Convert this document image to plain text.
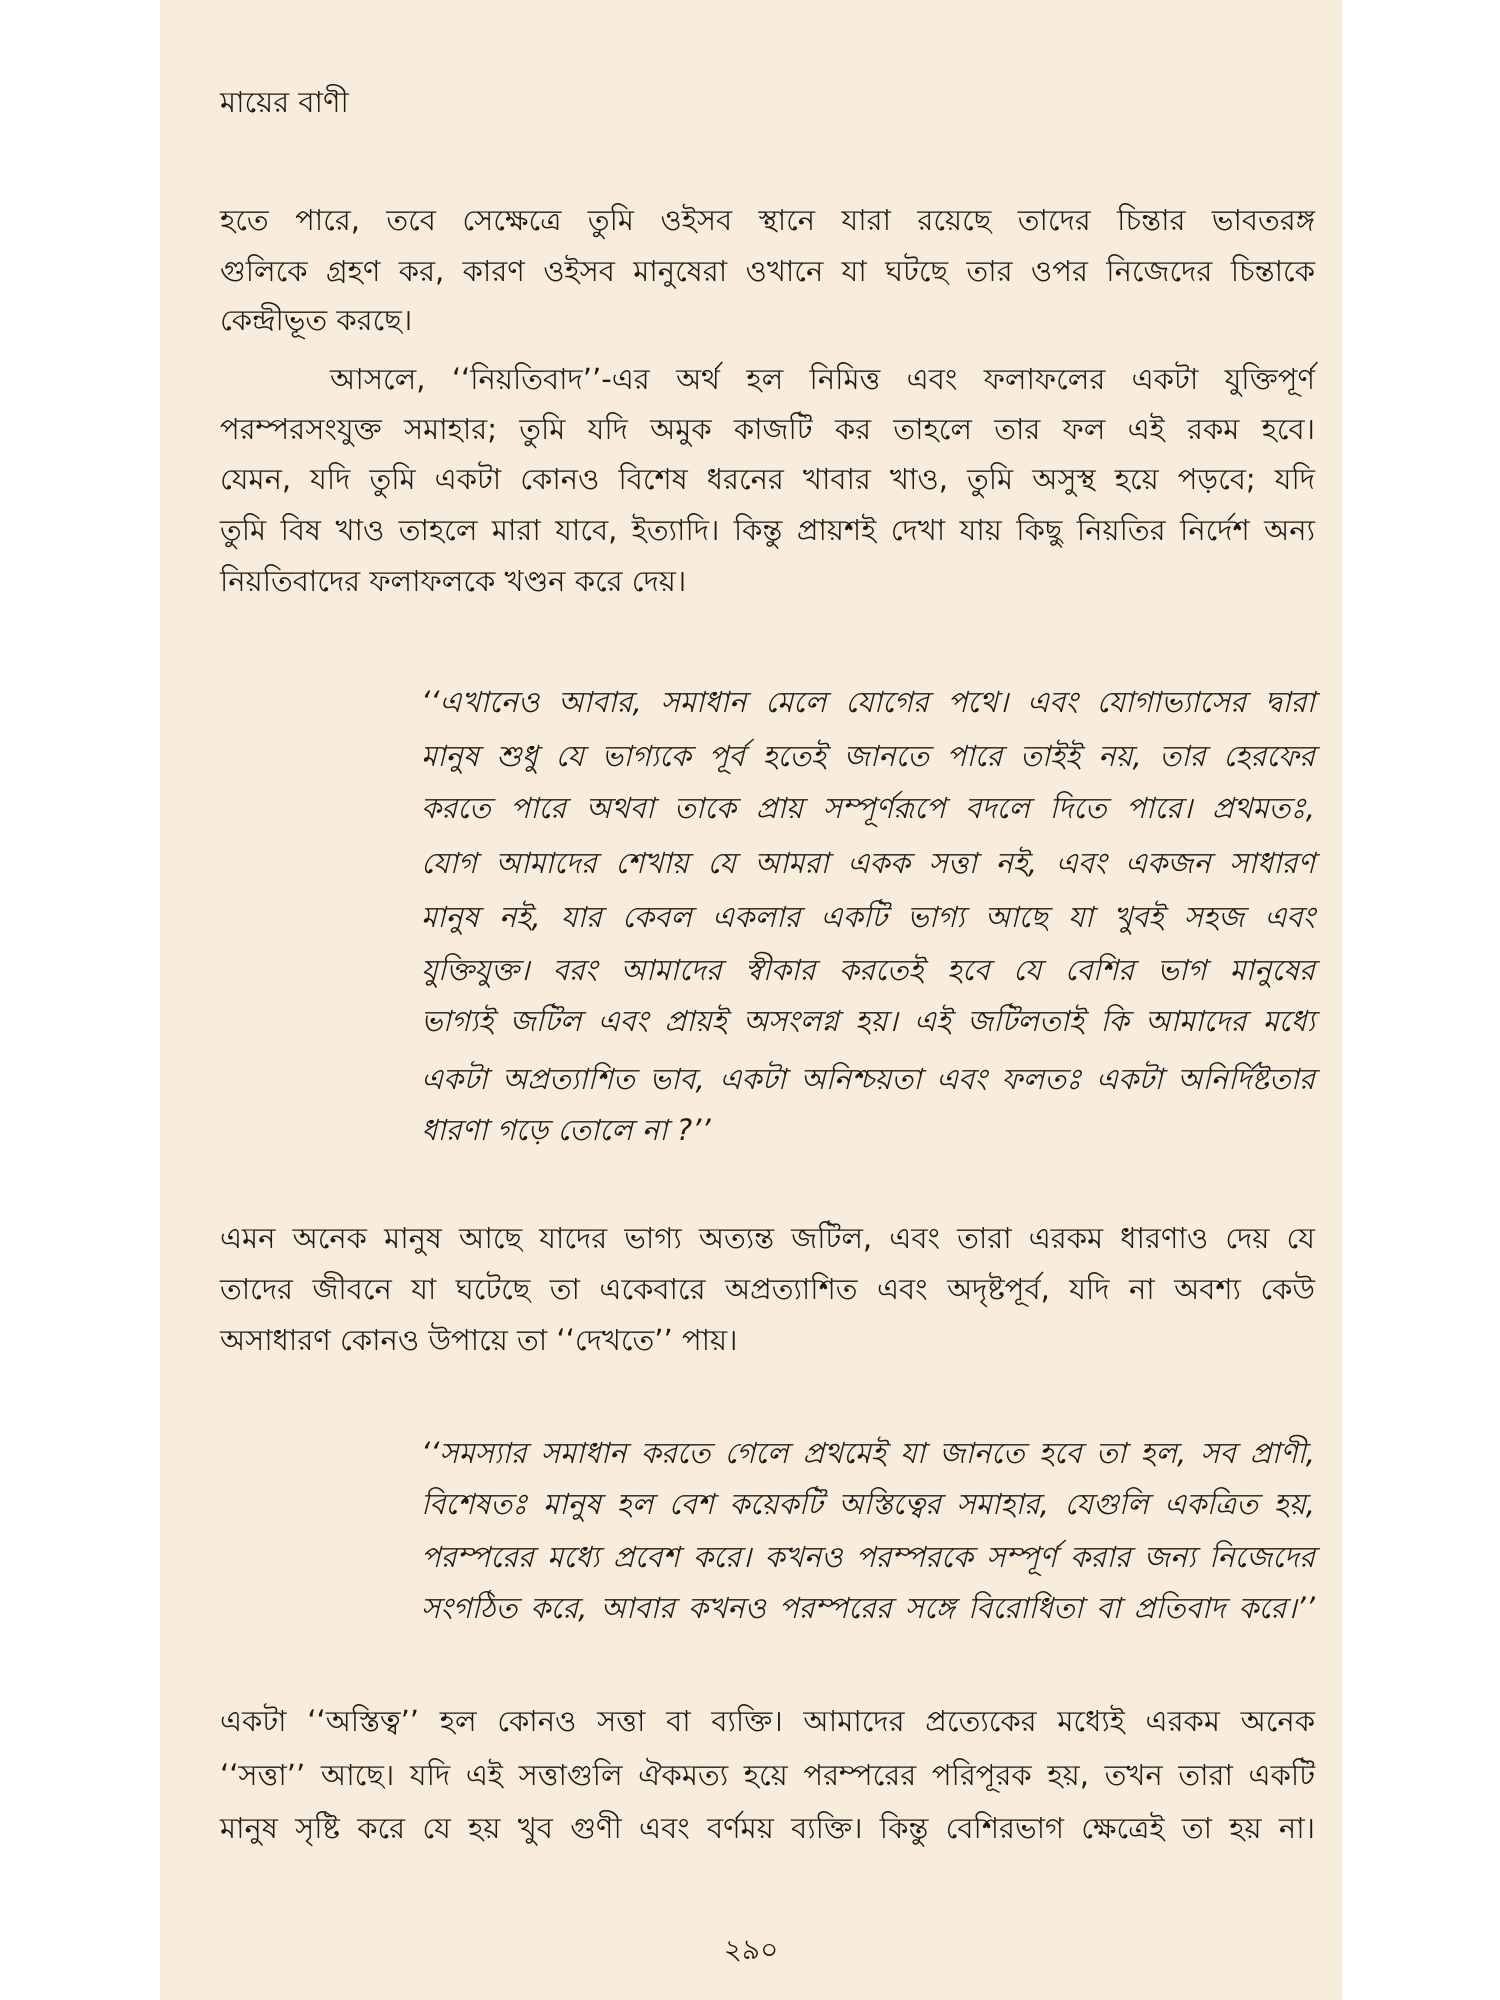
মায়ের বাণী
হতে পারে, তবে সেক্ষেত্রে তুমি ওইসব স্থানে যারা রয়েছে তাদের চিন্তার ভাবতরঙ্গ
গুলিকে গ্রহণ কর, কারণ ওইসব মানুষেরা ওখানে যা ঘটছে তার ওপর নিজেদের চিন্তাকে
কেন্দ্রীভূত করছে।
আসলে, ‘‘নিয়তিবাদ’’-এর অর্থ হল নিমিত্ত এবং ফলাফলের একটা যুক্তিপূর্ণ
পরম্পরসংযুক্ত সমাহার; তুমি যদি অমুক কাজটি কর তাহলে তার ফল এই রকম হবে।
যেমন, যদি তুমি একটা কোনও বিশেষ ধরনের খাবার খাও, তুমি অসুস্থ হয়ে পড়বে; যদি
তুমি বিষ খাও তাহলে মারা যাবে, ইত্যাদি। কিন্তু প্রায়শই দেখা যায় কিছু নিয়তির নির্দেশ অন্য
নিয়তিবাদের ফলাফলকে খণ্ডন করে দেয়।
‘‘এখানেও আবার, সমাধান মেলে যোগের পথে। এবং যোগাভ্যাসের দ্বারা
মানুষ শুধু যে ভাগ্যকে পূর্ব হতেই জানতে পারে তাইই নয়, তার হেরফের
করতে পারে অথবা তাকে প্রায় সম্পূর্ণরূপে বদলে দিতে পারে। প্রথমতঃ,
যোগ আমাদের শেখায় যে আমরা একক সত্তা নই, এবং একজন সাধারণ
মানুষ নই, যার কেবল একলার একটি ভাগ্য আছে যা খুবই সহজ এবং
যুক্তিযুক্ত। বরং আমাদের স্বীকার করতেই হবে যে বেশির ভাগ মানুষের
ভাগ্যই জটিল এবং প্রায়ই অসংলগ্ন হয়। এই জটিলতাই কি আমাদের মধ্যে
একটা অপ্রত্যাশিত ভাব, একটা অনিশ্চয়তা এবং ফলতঃ একটা অনির্দিষ্টতার
ধারণা গড়ে তোলে না ?’’
এমন অনেক মানুষ আছে যাদের ভাগ্য অত্যন্ত জটিল, এবং তারা এরকম ধারণাও দেয় যে
তাদের জীবনে যা ঘটেছে তা একেবারে অপ্রত্যাশিত এবং অদৃষ্টপূর্ব, যদি না অবশ্য কেউ
অসাধারণ কোনও উপায়ে তা ‘‘দেখতে’’ পায়।
‘‘সমস্যার সমাধান করতে গেলে প্রথমেই যা জানতে হবে তা হল, সব প্রাণী,
বিশেষতঃ মানুষ হল বেশ কয়েকটি অস্তিত্বের সমাহার, যেগুলি একত্রিত হয়,
পরম্পরের মধ্যে প্রবেশ করে। কখনও পরম্পরকে সম্পূর্ণ করার জন্য নিজেদের
সংগঠিত করে, আবার কখনও পরম্পরের সঙ্গে বিরোধিতা বা প্রতিবাদ করে।’’
একটা ‘‘অস্তিত্ব’’ হল কোনও সত্তা বা ব্যক্তি। আমাদের প্রত্যেকের মধ্যেই এরকম অনেক
‘‘সত্তা’’ আছে। যদি এই সত্তাগুলি ঐকমত্য হয়ে পরম্পরের পরিপূরক হয়, তখন তারা একটি
মানুষ সৃষ্টি করে যে হয় খুব গুণী এবং বর্ণময় ব্যক্তি। কিন্তু বেশিরভাগ ক্ষেত্রেই তা হয় না।
২৯০
